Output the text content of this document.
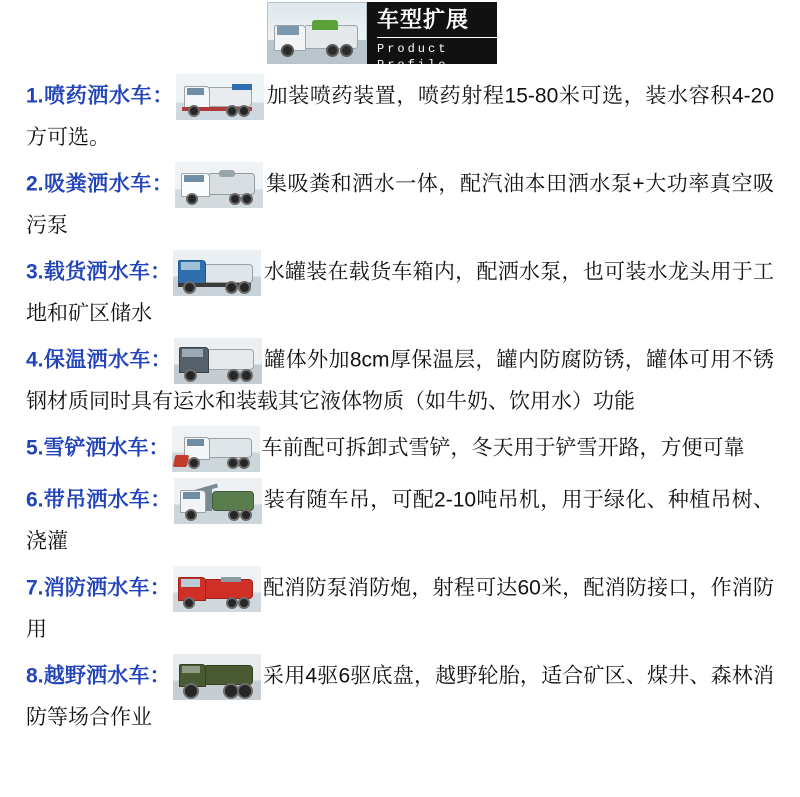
车型扩展
Product Profile
1.喷药洒水车：	加装喷药装置，喷药射程15-80米可选，装水容积4-20方可选。
2.吸粪洒水车：	集吸粪和洒水一体，配汽油本田洒水泵+大功率真空吸污泵
3.载货洒水车：	水罐装在载货车箱内，配洒水泵，也可装水龙头用于工地和矿区储水
4.保温洒水车：	罐体外加8cm厚保温层，罐内防腐防锈，罐体可用不锈钢材质同时具有运水和装载其它液体物质（如牛奶、饮用水）功能
5.雪铲洒水车：	车前配可拆卸式雪铲，冬天用于铲雪开路，方便可靠
6.带吊洒水车：	装有随车吊，可配2-10吨吊机，用于绿化、种植吊树、浇灌
7.消防洒水车：	配消防泵消防炮，射程可达60米，配消防接口，作消防用
8.越野洒水车：	采用4驱6驱底盘，越野轮胎，适合矿区、煤井、森林消防等场合作业
